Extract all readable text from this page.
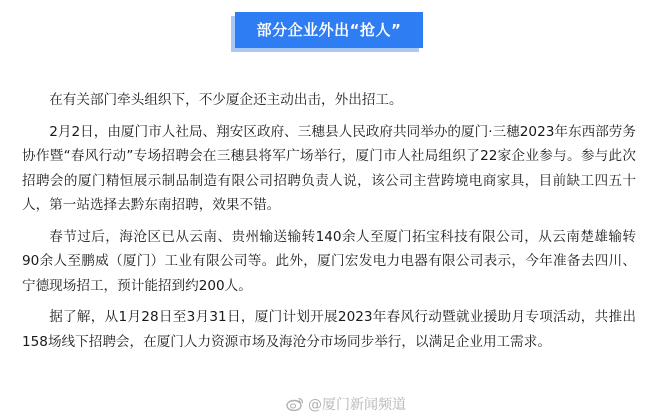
部分企业外出“抢人”

在有关部门牵头组织下，不少厦企还主动出击，外出招工。

2月2日，由厦门市人社局、翔安区政府、三穗县人民政府共同举办的厦门·三穗2023年东西部劳务协作暨“春风行动”专场招聘会在三穗县将军广场举行，厦门市人社局组织了22家企业参与。参与此次招聘会的厦门精恒展示制品制造有限公司招聘负责人说，该公司主营跨境电商家具，目前缺工四五十人，第一站选择去黔东南招聘，效果不错。

春节过后，海沧区已从云南、贵州输送输转140余人至厦门拓宝科技有限公司，从云南楚雄输转90余人至鹏威（厦门）工业有限公司等。此外，厦门宏发电力电器有限公司表示，今年准备去四川、宁德现场招工，预计能招到约200人。

据了解，从1月28日至3月31日，厦门计划开展2023年春风行动暨就业援助月专项活动，共推出158场线下招聘会，在厦门人力资源市场及海沧分市场同步举行，以满足企业用工需求。

@厦门新闻频道
